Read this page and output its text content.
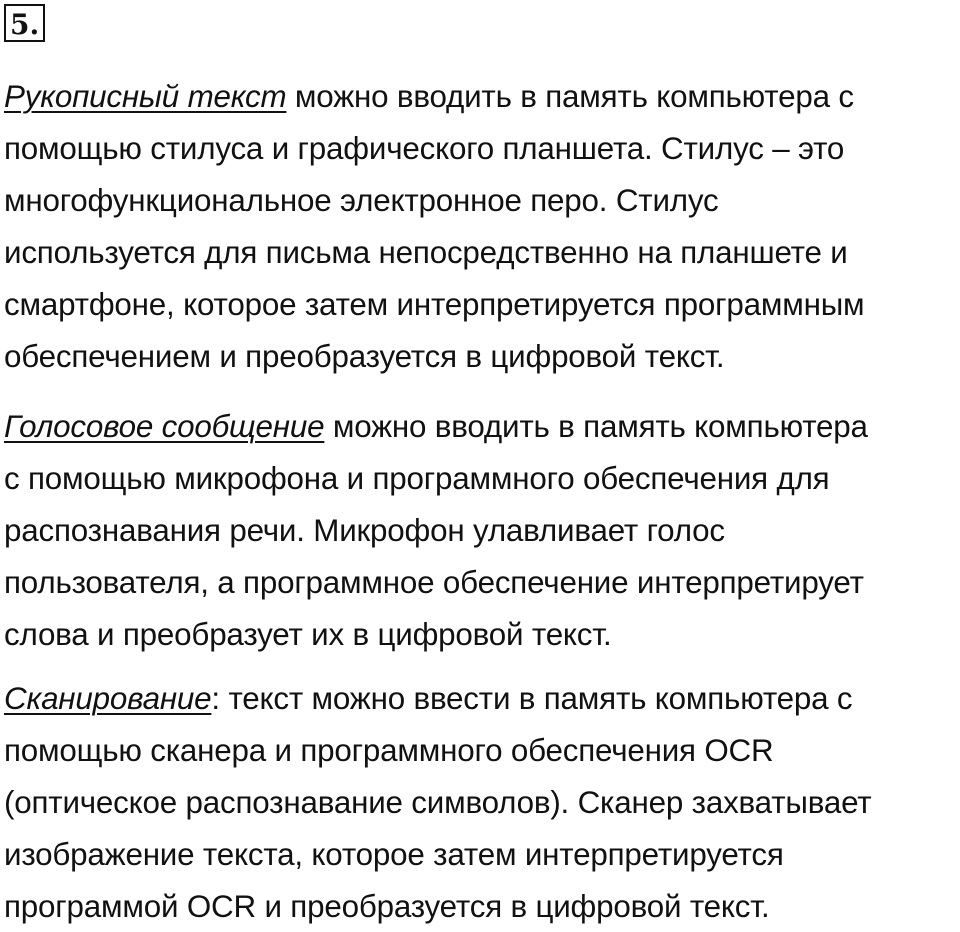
5.

Рукописный текст можно вводить в память компьютера с
помощью стилуса и графического планшета. Стилус – это
многофункциональное электронное перо. Стилус
используется для письма непосредственно на планшете и
смартфоне, которое затем интерпретируется программным
обеспечением и преобразуется в цифровой текст.

Голосовое сообщение можно вводить в память компьютера
с помощью микрофона и программного обеспечения для
распознавания речи. Микрофон улавливает голос
пользователя, а программное обеспечение интерпретирует
слова и преобразует их в цифровой текст.

Сканирование: текст можно ввести в память компьютера с
помощью сканера и программного обеспечения OCR
(оптическое распознавание символов). Сканер захватывает
изображение текста, которое затем интерпретируется
программой OCR и преобразуется в цифровой текст.
